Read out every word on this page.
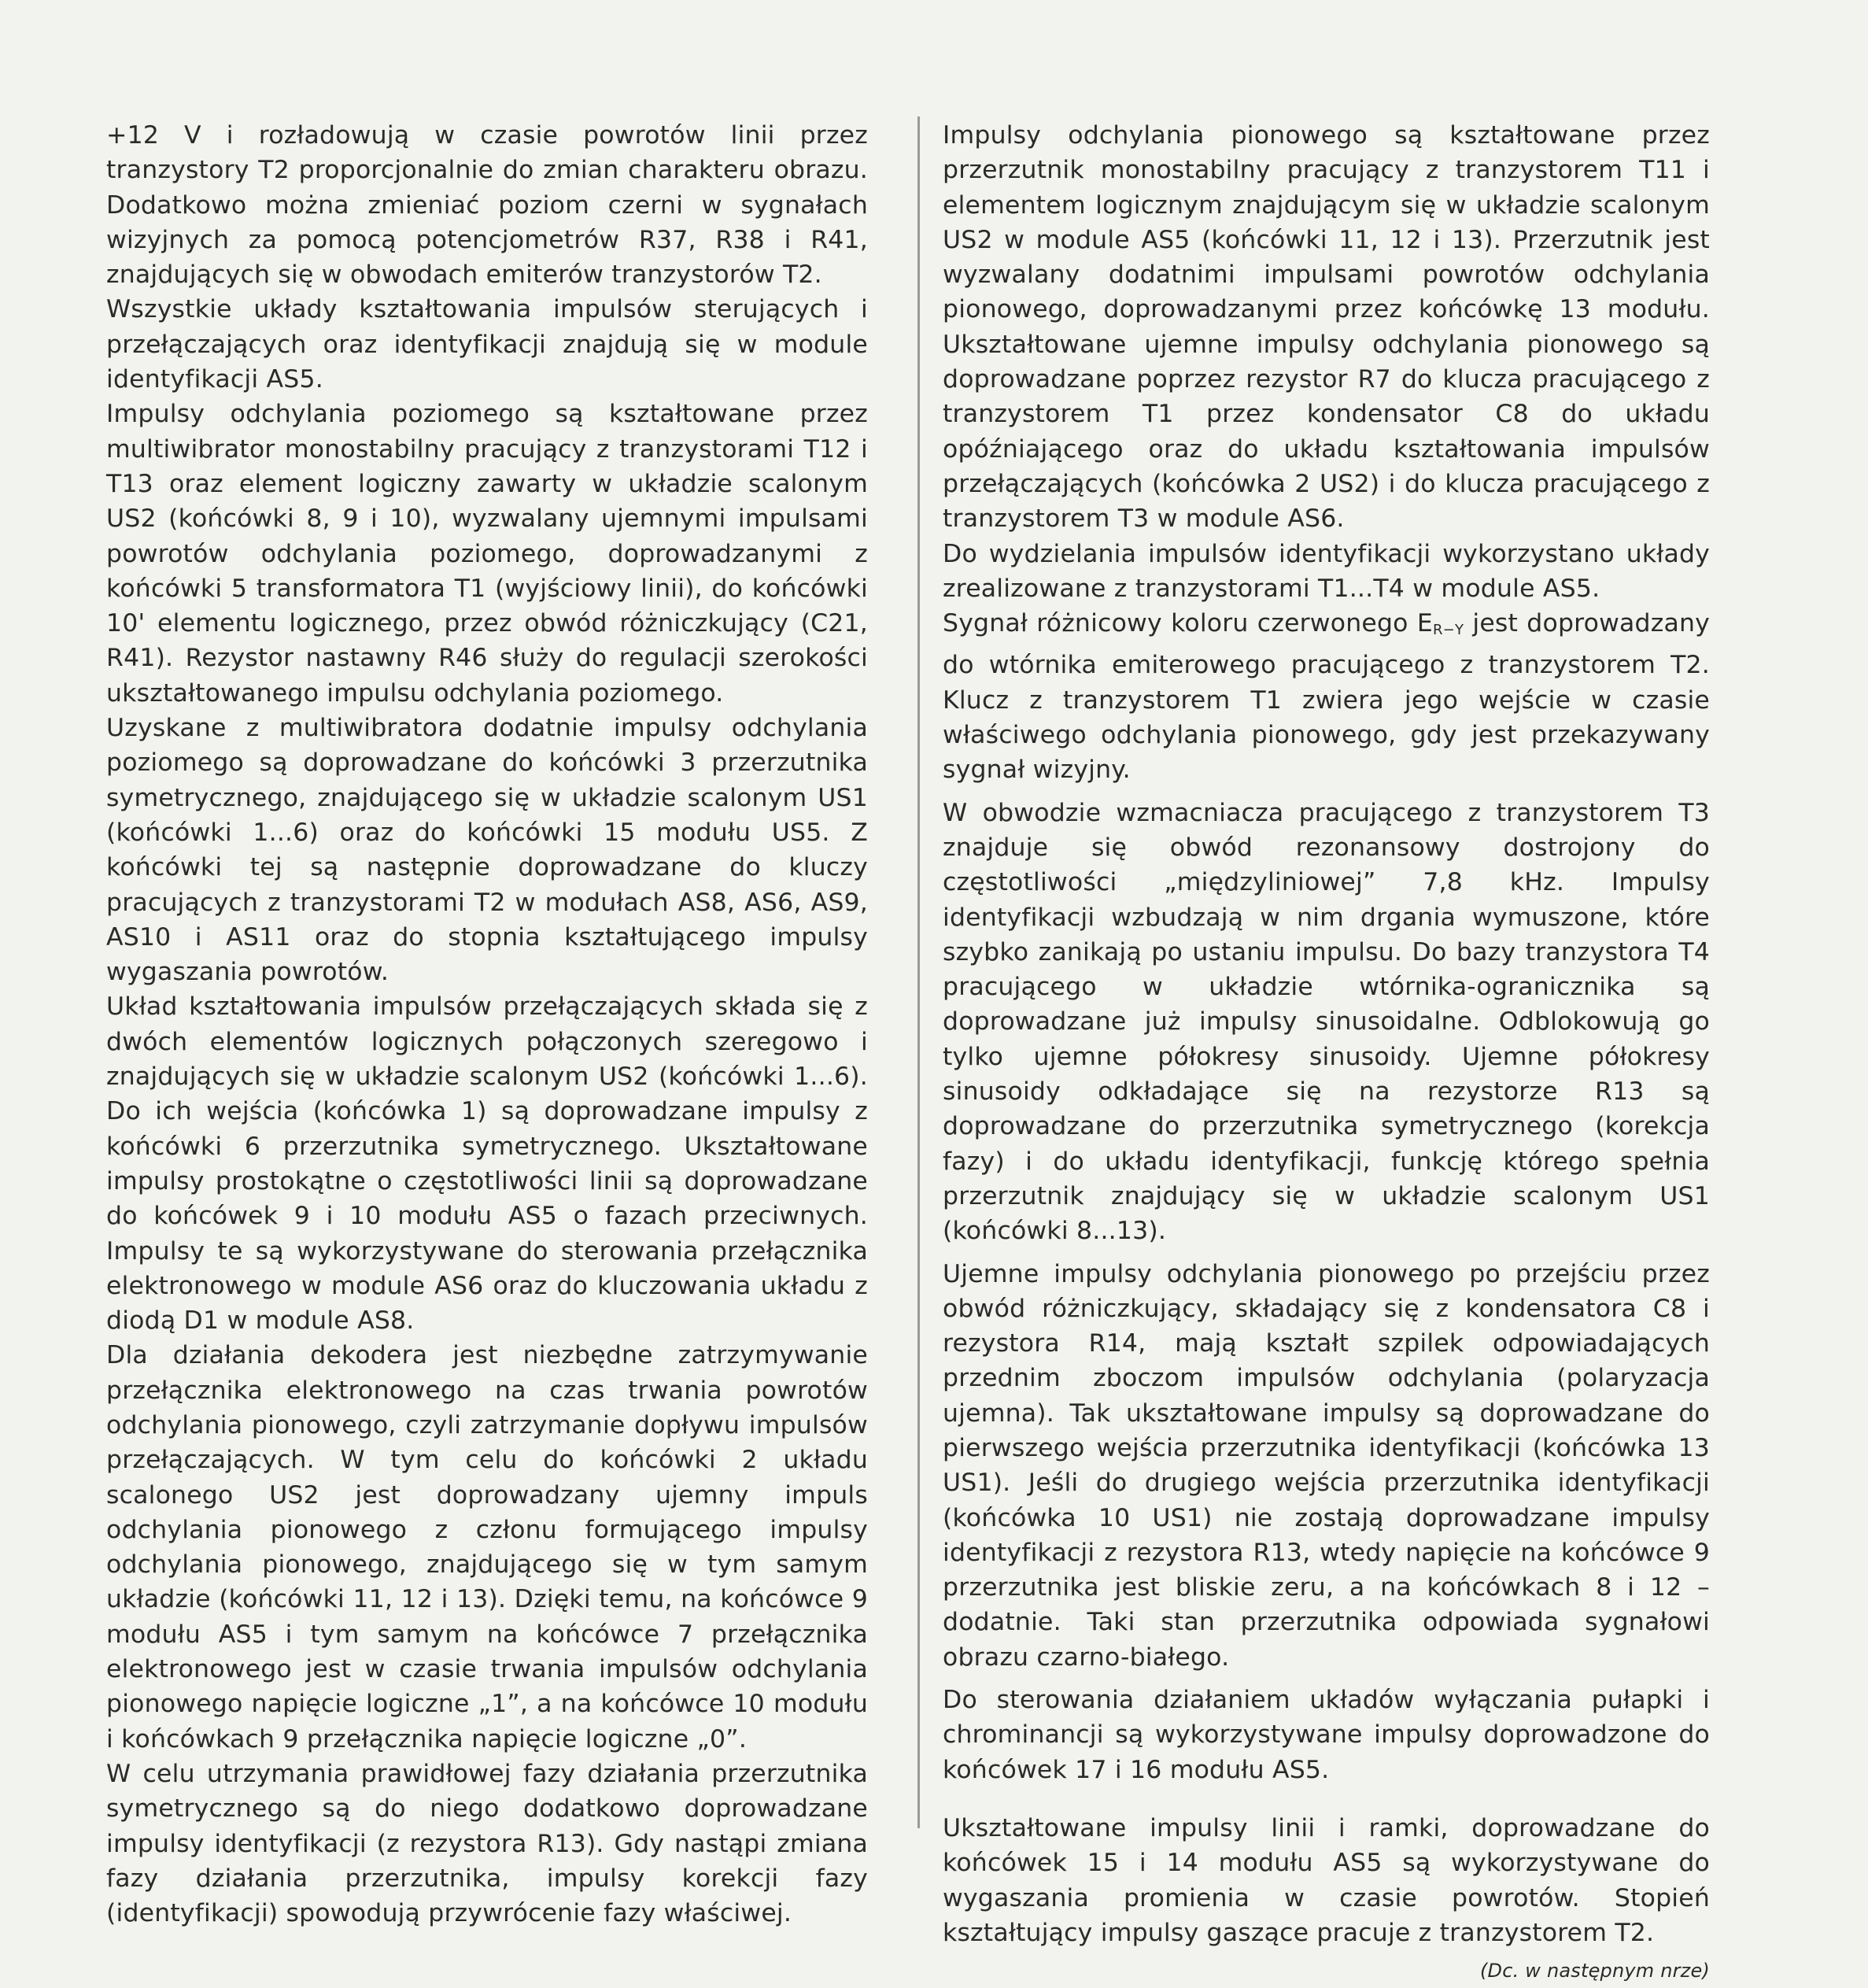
+12 V i rozładowują w czasie powrotów linii przez tranzystory T2 proporcjonalnie do zmian charakteru obrazu. Dodatkowo można zmieniać poziom czerni w sygnałach wizyjnych za pomocą potencjometrów R37, R38 i R41, znajdujących się w obwodach emiterów tranzystorów T2.

Wszystkie układy kształtowania impulsów sterujących i przełączających oraz identyfikacji znajdują się w module identyfikacji AS5.

Impulsy odchylania poziomego są kształtowane przez multiwibrator monostabilny pracujący z tranzystorami T12 i T13 oraz element logiczny zawarty w układzie scalonym US2 (końcówki 8, 9 i 10), wyzwalany ujemnymi impulsami powrotów odchylania poziomego, doprowadzanymi z końcówki 5 transformatora T1 (wyjściowy linii), do końcówki 10' elementu logicznego, przez obwód różniczkujący (C21, R41). Rezystor nastawny R46 służy do regulacji szerokości ukształtowanego impulsu odchylania poziomego.

Uzyskane z multiwibratora dodatnie impulsy odchylania poziomego są doprowadzane do końcówki 3 przerzutnika symetrycznego, znajdującego się w układzie scalonym US1 (końcówki 1...6) oraz do końcówki 15 modułu US5. Z końcówki tej są następnie doprowadzane do kluczy pracujących z tranzystorami T2 w modułach AS8, AS6, AS9, AS10 i AS11 oraz do stopnia kształtującego impulsy wygaszania powrotów.

Układ kształtowania impulsów przełączających składa się z dwóch elementów logicznych połączonych szeregowo i znajdujących się w układzie scalonym US2 (końcówki 1...6). Do ich wejścia (końcówka 1) są doprowadzane impulsy z końcówki 6 przerzutnika symetrycznego. Ukształtowane impulsy prostokątne o częstotliwości linii są doprowadzane do końcówek 9 i 10 modułu AS5 o fazach przeciwnych. Impulsy te są wykorzystywane do sterowania przełącznika elektronowego w module AS6 oraz do kluczowania układu z diodą D1 w module AS8.

Dla działania dekodera jest niezbędne zatrzymywanie przełącznika elektronowego na czas trwania powrotów odchylania pionowego, czyli zatrzymanie dopływu impulsów przełączających. W tym celu do końcówki 2 układu scalonego US2 jest doprowadzany ujemny impuls odchylania pionowego z członu formującego impulsy odchylania pionowego, znajdującego się w tym samym układzie (końcówki 11, 12 i 13). Dzięki temu, na końcówce 9 modułu AS5 i tym samym na końcówce 7 przełącznika elektronowego jest w czasie trwania impulsów odchylania pionowego napięcie logiczne „1”, a na końcówce 10 modułu i końcówkach 9 przełącznika napięcie logiczne „0”.

W celu utrzymania prawidłowej fazy działania przerzutnika symetrycznego są do niego dodatkowo doprowadzane impulsy identyfikacji (z rezystora R13). Gdy nastąpi zmiana fazy działania przerzutnika, impulsy korekcji fazy (identyfikacji) spowodują przywrócenie fazy właściwej.

Impulsy odchylania pionowego są kształtowane przez przerzutnik monostabilny pracujący z tranzystorem T11 i elementem logicznym znajdującym się w układzie scalonym US2 w module AS5 (końcówki 11, 12 i 13). Przerzutnik jest wyzwalany dodatnimi impulsami powrotów odchylania pionowego, doprowadzanymi przez końcówkę 13 modułu. Ukształtowane ujemne impulsy odchylania pionowego są doprowadzane poprzez rezystor R7 do klucza pracującego z tranzystorem T1 przez kondensator C8 do układu opóźniającego oraz do układu kształtowania impulsów przełączających (końcówka 2 US2) i do klucza pracującego z tranzystorem T3 w module AS6.

Do wydzielania impulsów identyfikacji wykorzystano układy zrealizowane z tranzystorami T1...T4 w module AS5.

Sygnał różnicowy koloru czerwonego $E_{R-Y}$ jest doprowadzany do wtórnika emiterowego pracującego z tranzystorem T2. Klucz z tranzystorem T1 zwiera jego wejście w czasie właściwego odchylania pionowego, gdy jest przekazywany sygnał wizyjny.

W obwodzie wzmacniacza pracującego z tranzystorem T3 znajduje się obwód rezonansowy dostrojony do częstotliwości „międzyliniowej” 7,8 kHz. Impulsy identyfikacji wzbudzają w nim drgania wymuszone, które szybko zanikają po ustaniu impulsu. Do bazy tranzystora T4 pracującego w układzie wtórnika-ogranicznika są doprowadzane już impulsy sinusoidalne. Odblokowują go tylko ujemne półokresy sinusoidy. Ujemne półokresy sinusoidy odkładające się na rezystorze R13 są doprowadzane do przerzutnika symetrycznego (korekcja fazy) i do układu identyfikacji, funkcję którego spełnia przerzutnik znajdujący się w układzie scalonym US1 (końcówki 8...13).

Ujemne impulsy odchylania pionowego po przejściu przez obwód różniczkujący, składający się z kondensatora C8 i rezystora R14, mają kształt szpilek odpowiadających przednim zboczom impulsów odchylania (polaryzacja ujemna). Tak ukształtowane impulsy są doprowadzane do pierwszego wejścia przerzutnika identyfikacji (końcówka 13 US1). Jeśli do drugiego wejścia przerzutnika identyfikacji (końcówka 10 US1) nie zostają doprowadzane impulsy identyfikacji z rezystora R13, wtedy napięcie na końcówce 9 przerzutnika jest bliskie zeru, a na końcówkach 8 i 12 – dodatnie. Taki stan przerzutnika odpowiada sygnałowi obrazu czarno-białego.

Do sterowania działaniem układów wyłączania pułapki i chrominancji są wykorzystywane impulsy doprowadzone do końcówek 17 i 16 modułu AS5.

Ukształtowane impulsy linii i ramki, doprowadzane do końcówek 15 i 14 modułu AS5 są wykorzystywane do wygaszania promienia w czasie powrotów. Stopień kształtujący impulsy gaszące pracuje z tranzystorem T2.
(Dc. w następnym nrze)
